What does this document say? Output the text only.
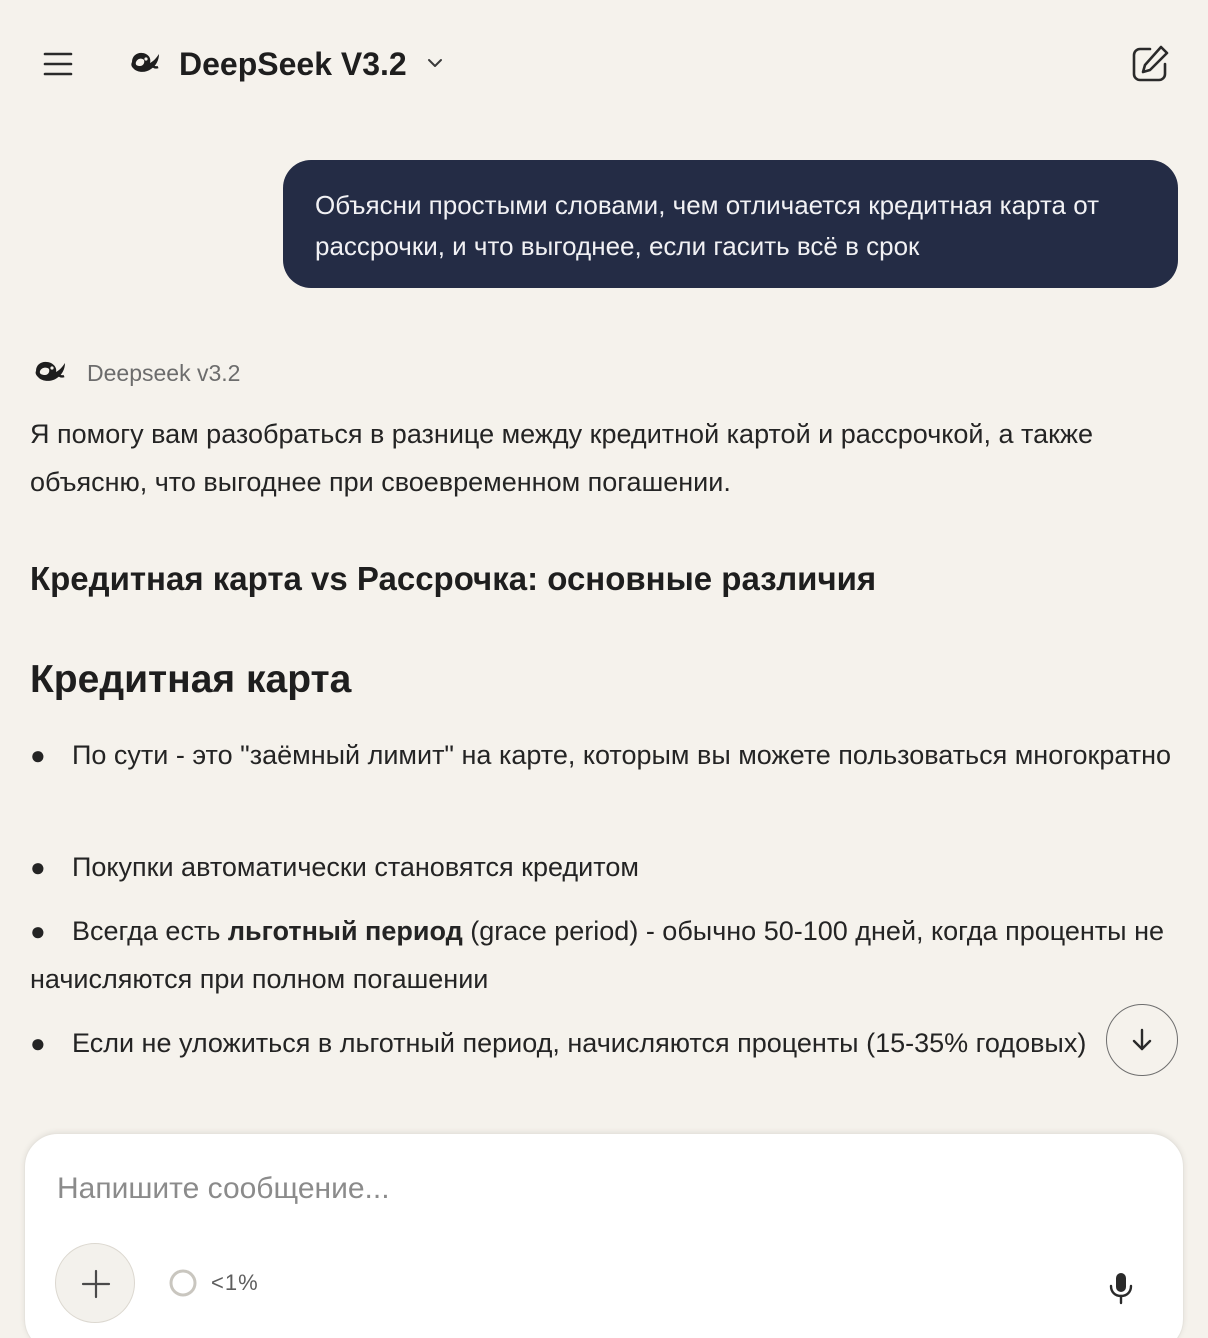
DeepSeek V3.2
Объясни простыми словами, чем отличается кредитная карта от рассрочки, и что выгоднее, если гасить всё в срок
Deepseek v3.2

Я помогу вам разобраться в разнице между кредитной картой и рассрочкой, а также объясню, что выгоднее при своевременном погашении.

Кредитная карта vs Рассрочка: основные различия
Кредитная карта

● По сути - это "заёмный лимит" на карте, которым вы можете пользоваться многократно

● Покупки автоматически становятся кредитом

● Всегда есть льготный период (grace period) - обычно 50-100 дней, когда проценты не начисляются при полном погашении

● Если не уложиться в льготный период, начисляются проценты (15-35% годовых)

Напишите сообщение...
<1%
